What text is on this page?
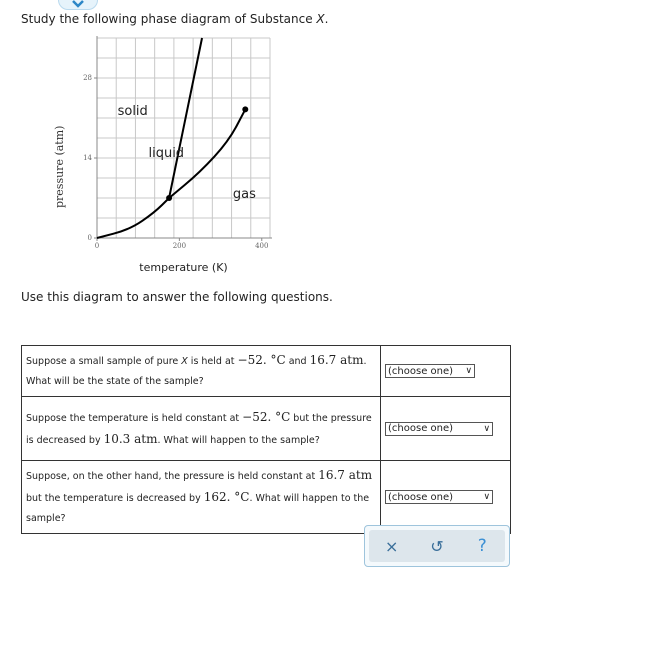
Study the following phase diagram of Substance X.
0	200	400
0
14
28
solid
liquid
gas
temperature (K)
pressure (atm)
Use this diagram to answer the following questions.
Suppose a small sample of pure X is held at −52. °C and 16.7 atm. What will be the state of the sample?	(choose one) ∨

Suppose the temperature is held constant at −52. °C but the pressure is decreased by 10.3 atm. What will happen to the sample?	(choose one) ∨

Suppose, on the other hand, the pressure is held constant at 16.7 atm but the temperature is decreased by 162. °C. What will happen to the sample?	(choose one) ∨
× ↺ ?
